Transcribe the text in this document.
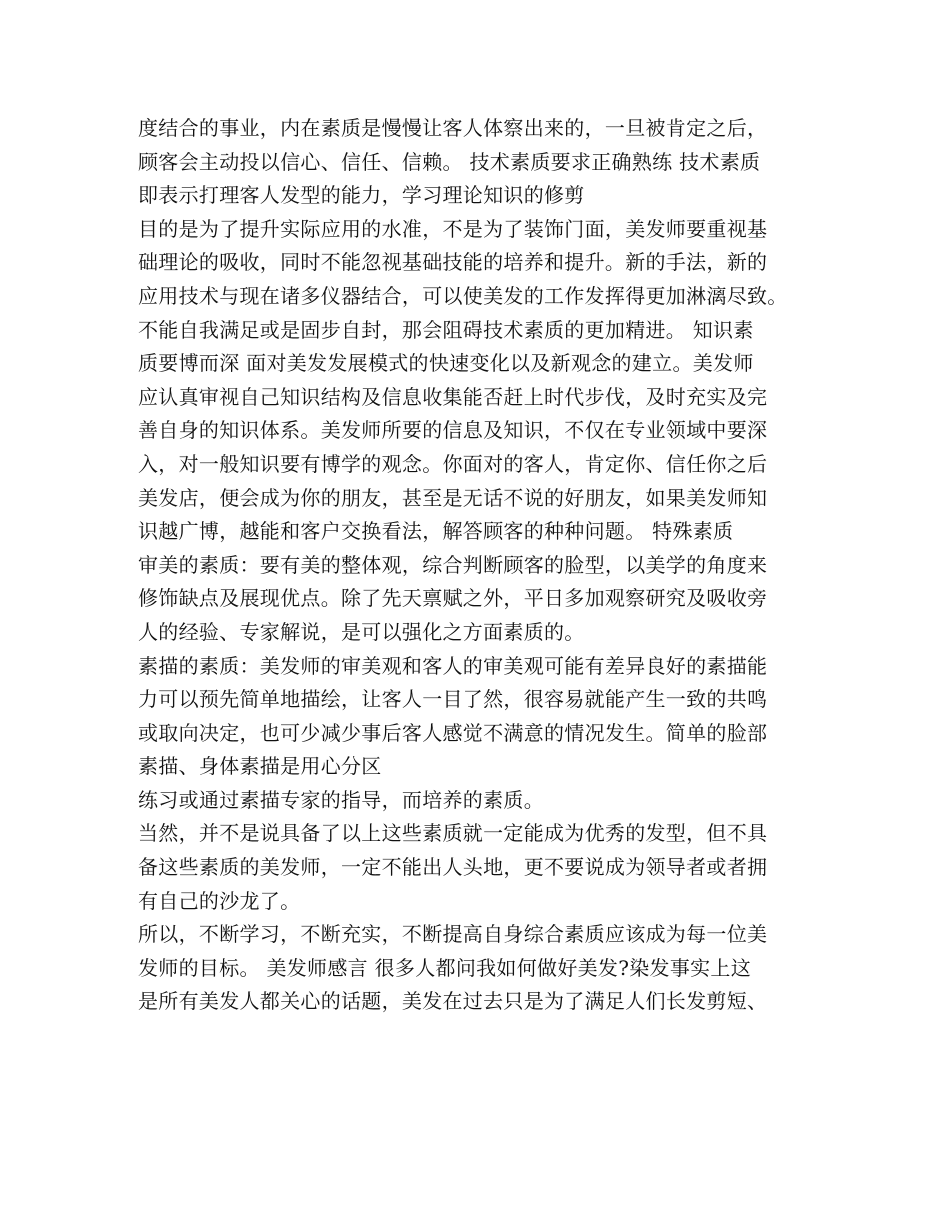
度结合的事业，内在素质是慢慢让客人体察出来的，一旦被肯定之后，
顾客会主动投以信心、信任、信赖。 技术素质要求正确熟练 技术素质
即表示打理客人发型的能力，学习理论知识的修剪
目的是为了提升实际应用的水准，不是为了装饰门面，美发师要重视基
础理论的吸收，同时不能忽视基础技能的培养和提升。新的手法，新的
应用技术与现在诸多仪器结合，可以使美发的工作发挥得更加淋漓尽致。
不能自我满足或是固步自封，那会阻碍技术素质的更加精进。 知识素
质要博而深 面对美发发展模式的快速变化以及新观念的建立。美发师
应认真审视自己知识结构及信息收集能否赶上时代步伐，及时充实及完
善自身的知识体系。美发师所要的信息及知识，不仅在专业领域中要深
入，对一般知识要有博学的观念。你面对的客人，肯定你、信任你之后
美发店，便会成为你的朋友，甚至是无话不说的好朋友，如果美发师知
识越广博，越能和客户交换看法，解答顾客的种种问题。 特殊素质
审美的素质：要有美的整体观，综合判断顾客的脸型，以美学的角度来
修饰缺点及展现优点。除了先天禀赋之外，平日多加观察研究及吸收旁
人的经验、专家解说，是可以强化之方面素质的。
素描的素质：美发师的审美观和客人的审美观可能有差异良好的素描能
力可以预先简单地描绘，让客人一目了然，很容易就能产生一致的共鸣
或取向决定，也可少减少事后客人感觉不满意的情况发生。简单的脸部
素描、身体素描是用心分区
练习或通过素描专家的指导，而培养的素质。
当然，并不是说具备了以上这些素质就一定能成为优秀的发型，但不具
备这些素质的美发师，一定不能出人头地，更不要说成为领导者或者拥
有自己的沙龙了。
所以，不断学习，不断充实，不断提高自身综合素质应该成为每一位美
发师的目标。 美发师感言 很多人都问我如何做好美发?染发事实上这
是所有美发人都关心的话题，美发在过去只是为了满足人们长发剪短、
